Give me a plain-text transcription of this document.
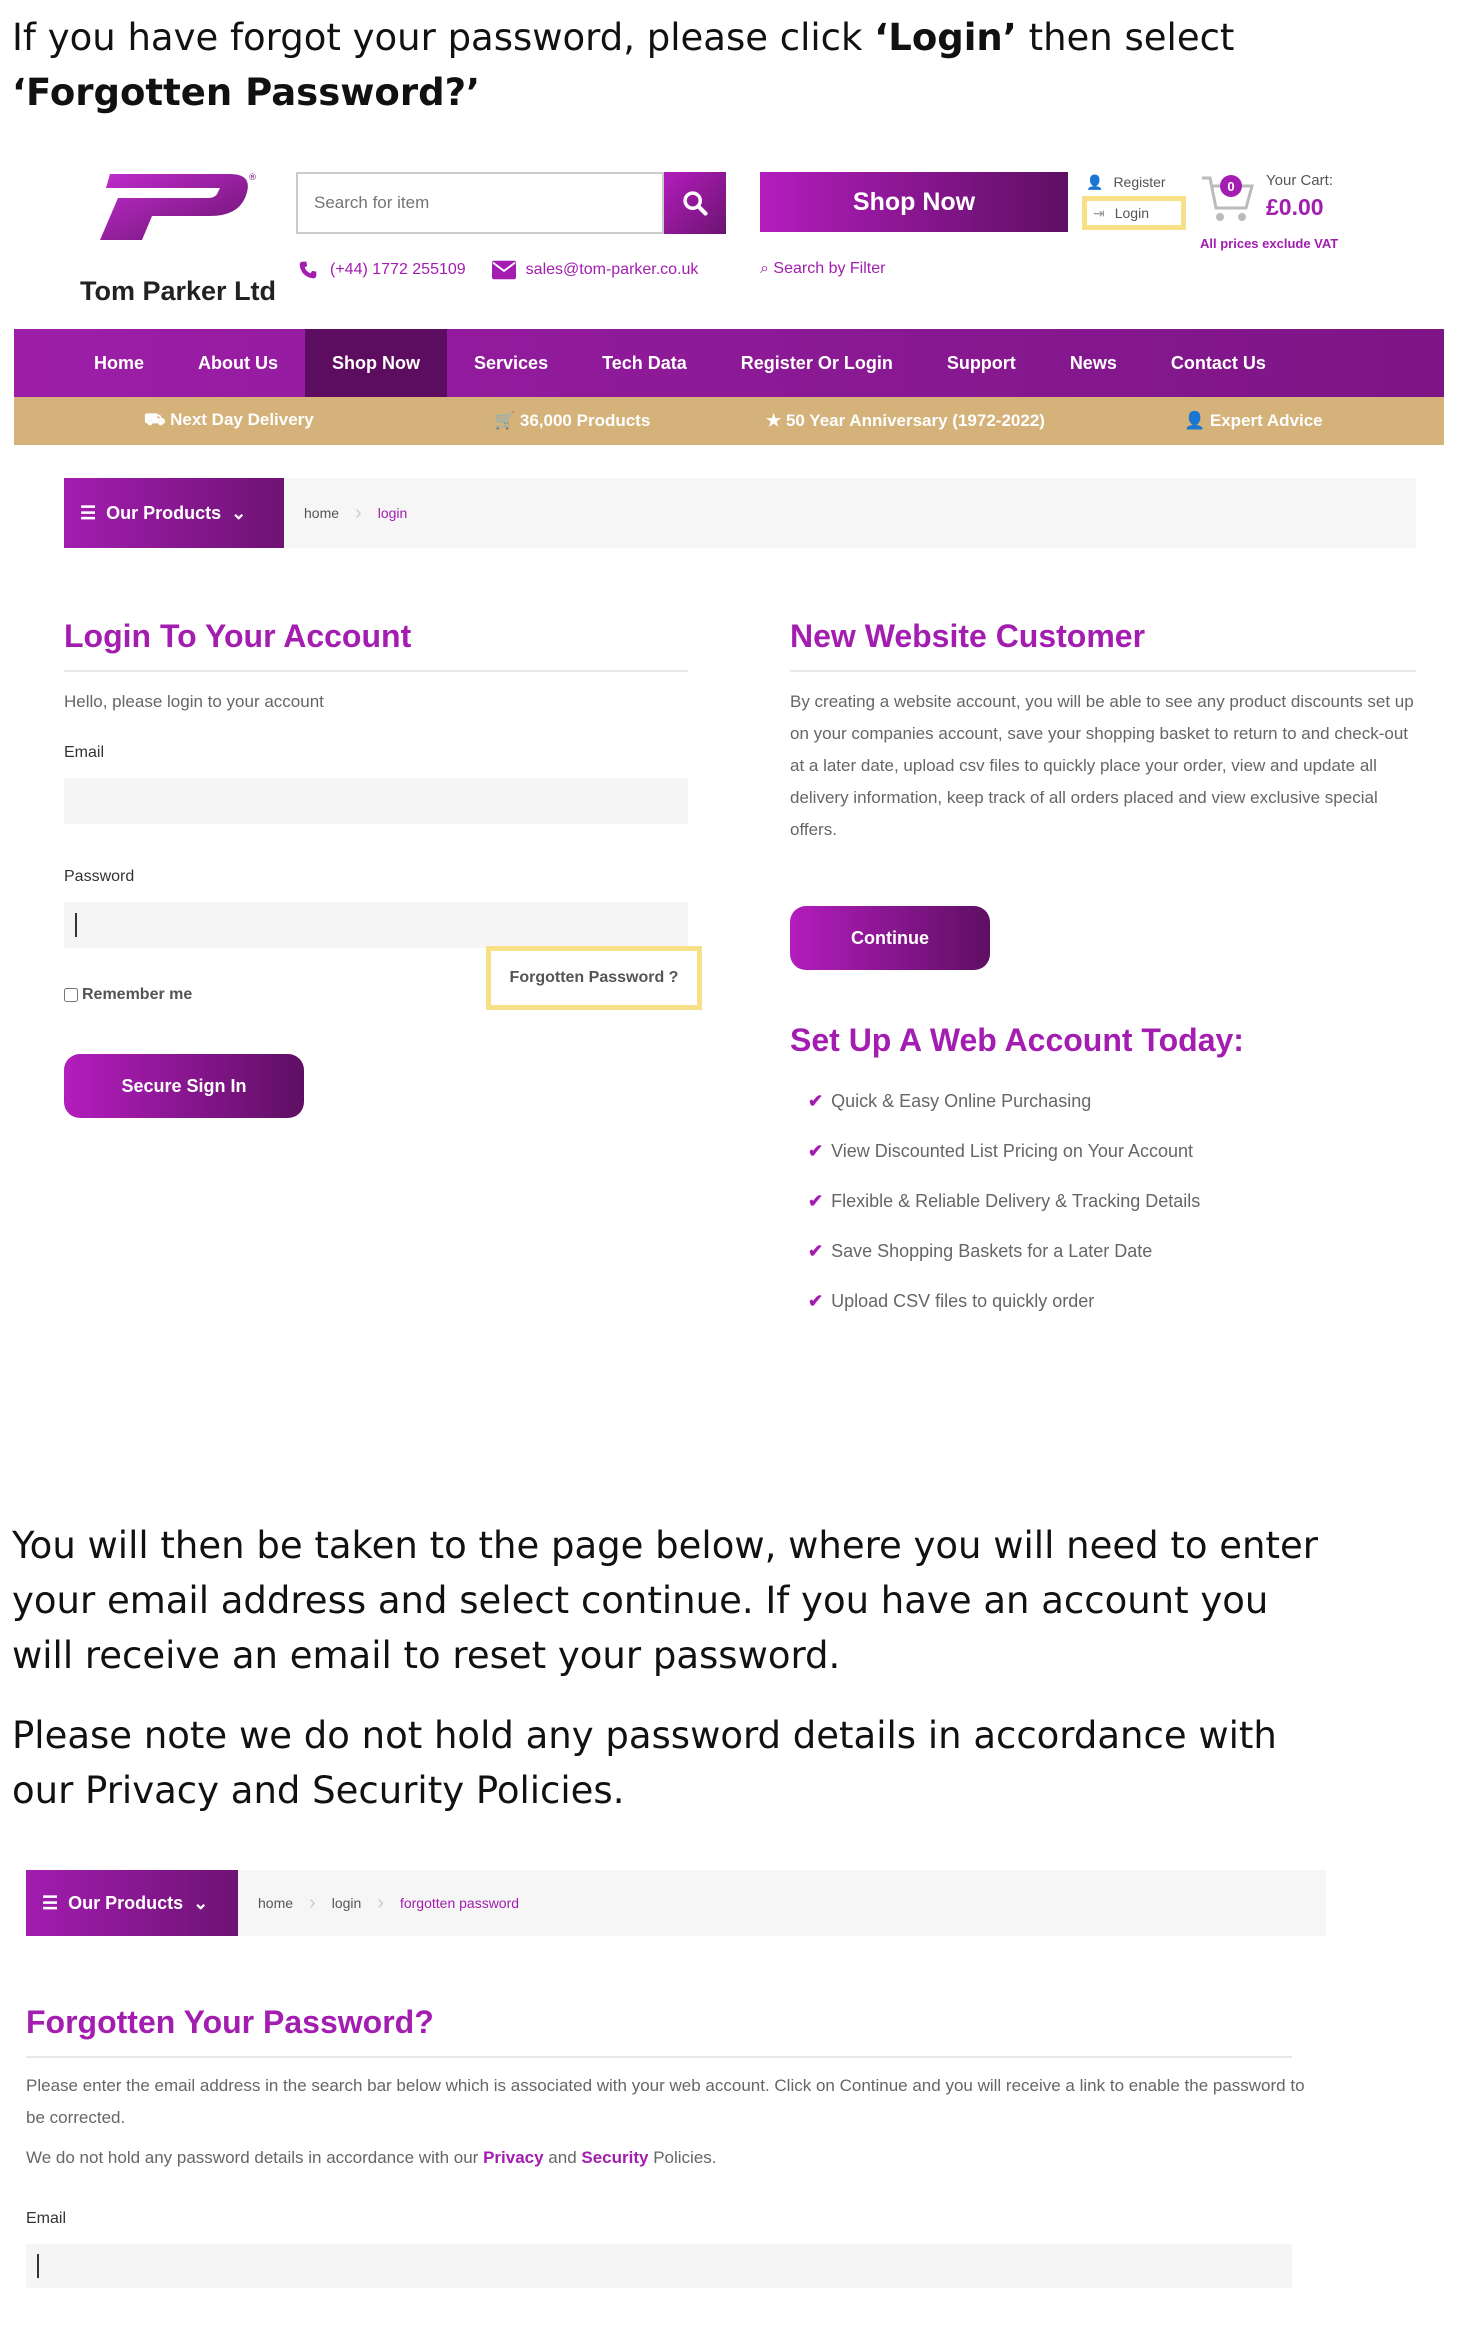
If you have forgot your password, please click ‘Login’ then select ‘Forgotten Password?’
®
Tom Parker Ltd
Search for item
(+44) 1772 255109	sales@tom-parker.co.uk
Shop Now
⌕ Search by Filter
👤 Register
⇥ Login
0	Your Cart:
£0.00
All prices exclude VAT
Home	About Us	Shop Now	Services	Tech Data	Register Or Login	Support	News	Contact Us
⛟ Next Day Delivery	🛒 36,000 Products	★ 50 Year Anniversary (1972-2022)	👤 Expert Advice
☰ Our Products ⌄	home ›	login
Login To Your Account
Hello, please login to your account
Email
Password
Remember me
Forgotten Password ?
Secure Sign In
New Website Customer
By creating a website account, you will be able to see any product discounts set up on your companies account, save your shopping basket to return to and check-out at a later date, upload csv files to quickly place your order, view and update all delivery information, keep track of all orders placed and view exclusive special offers.
Continue
Set Up A Web Account Today:
✔ Quick & Easy Online Purchasing
✔ View Discounted List Pricing on Your Account
✔ Flexible & Reliable Delivery & Tracking Details
✔ Save Shopping Baskets for a Later Date
✔ Upload CSV files to quickly order
You will then be taken to the page below, where you will need to enter your email address and select continue. If you have an account you will receive an email to reset your password.
Please note we do not hold any password details in accordance with our Privacy and Security Policies.
☰ Our Products ⌄	home ›	login ›	forgotten password
Forgotten Your Password?
Please enter the email address in the search bar below which is associated with your web account. Click on Continue and you will receive a link to enable the password to be corrected.
We do not hold any password details in accordance with our Privacy and Security Policies.
Email
